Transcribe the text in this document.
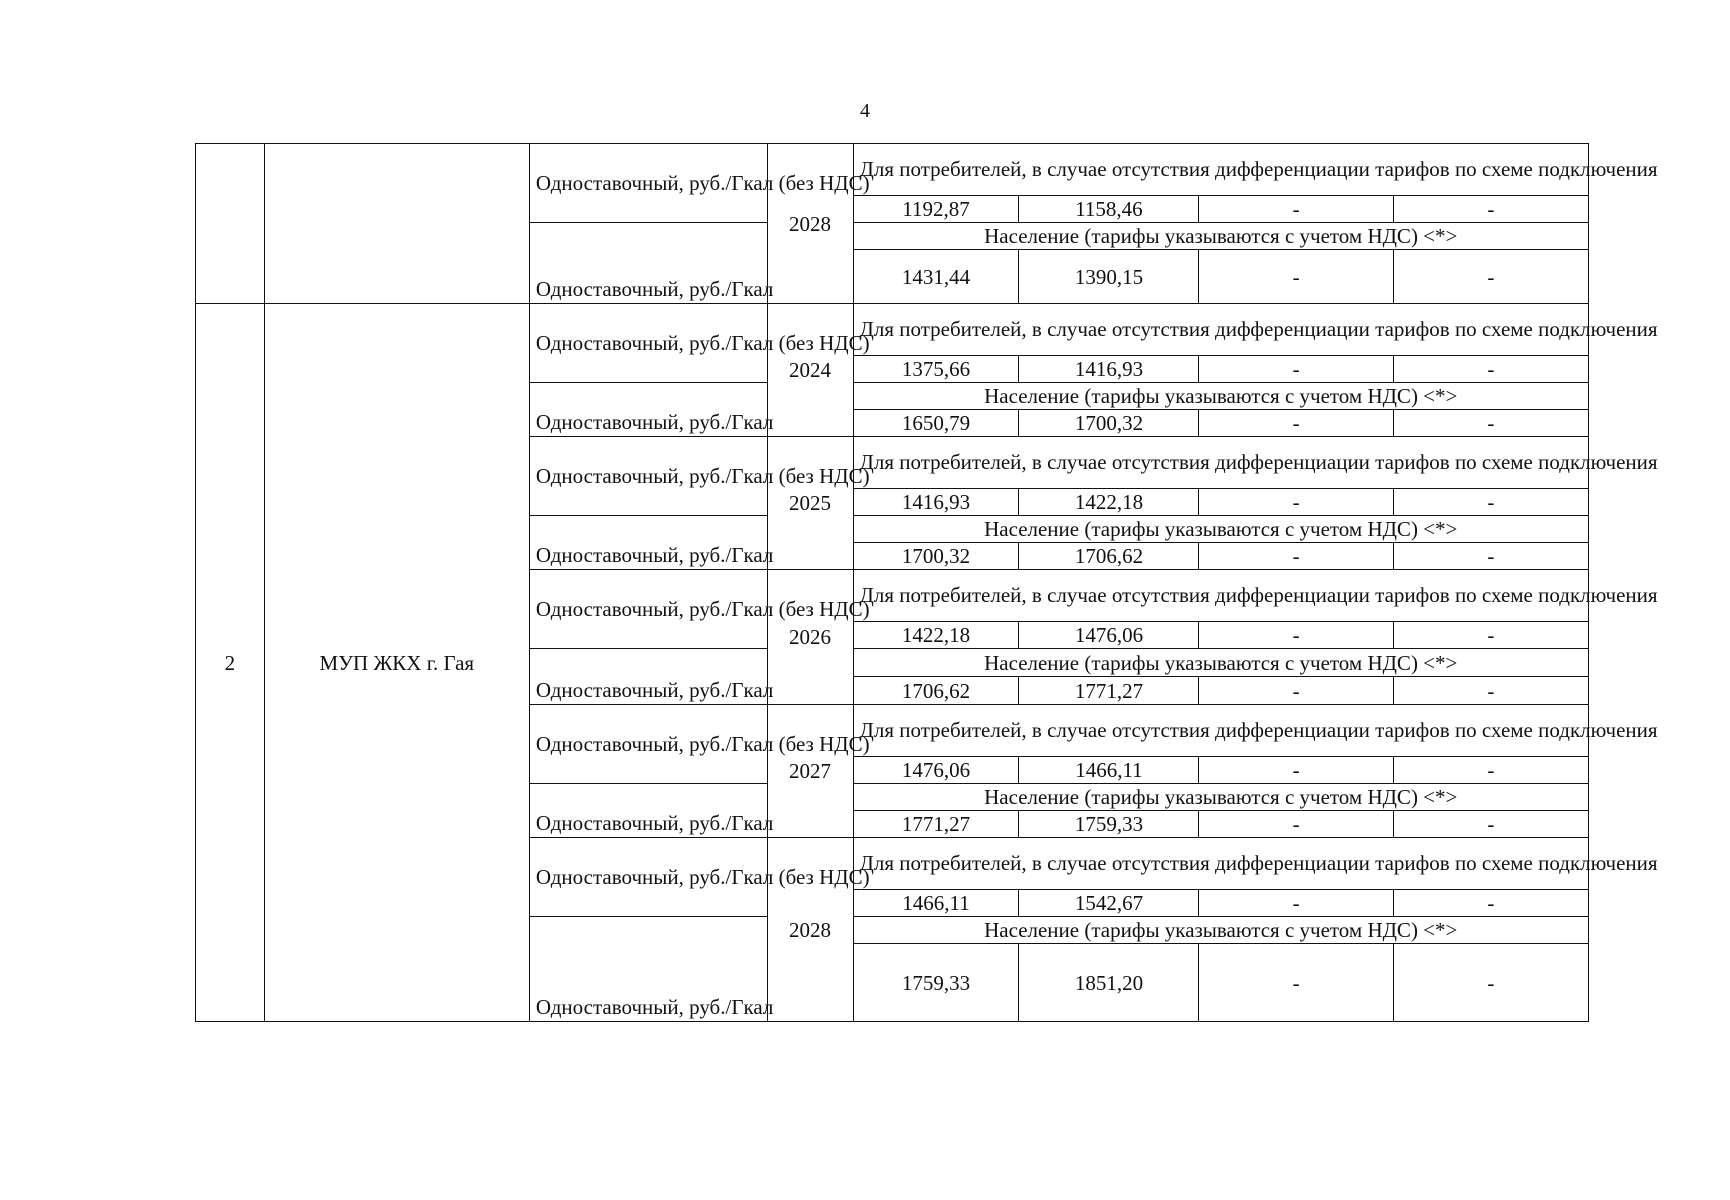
4
		Одноставочный, руб./Гкал (без НДС)	2028	Для потребителей, в случае отсутствия дифференциации тарифов по схеме подключения			
				1192,87	1158,46	-	-
		Одноставочный, руб./Гкал		Население (тарифы указываются с учетом НДС) <*>			
				1431,44	1390,15	-	-
2	МУП ЖКХ г. Гая	Одноставочный, руб./Гкал (без НДС)	2024	Для потребителей, в случае отсутствия дифференциации тарифов по схеме подключения			
				1375,66	1416,93	-	-
		Одноставочный, руб./Гкал		Население (тарифы указываются с учетом НДС) <*>			
				1650,79	1700,32	-	-
		Одноставочный, руб./Гкал (без НДС)	2025	Для потребителей, в случае отсутствия дифференциации тарифов по схеме подключения			
				1416,93	1422,18	-	-
		Одноставочный, руб./Гкал		Население (тарифы указываются с учетом НДС) <*>			
				1700,32	1706,62	-	-
		Одноставочный, руб./Гкал (без НДС)	2026	Для потребителей, в случае отсутствия дифференциации тарифов по схеме подключения			
				1422,18	1476,06	-	-
		Одноставочный, руб./Гкал		Население (тарифы указываются с учетом НДС) <*>			
				1706,62	1771,27	-	-
		Одноставочный, руб./Гкал (без НДС)	2027	Для потребителей, в случае отсутствия дифференциации тарифов по схеме подключения			
				1476,06	1466,11	-	-
		Одноставочный, руб./Гкал		Население (тарифы указываются с учетом НДС) <*>			
				1771,27	1759,33	-	-
		Одноставочный, руб./Гкал (без НДС)	2028	Для потребителей, в случае отсутствия дифференциации тарифов по схеме подключения			
				1466,11	1542,67	-	-
		Одноставочный, руб./Гкал		Население (тарифы указываются с учетом НДС) <*>			
				1759,33	1851,20	-	-
